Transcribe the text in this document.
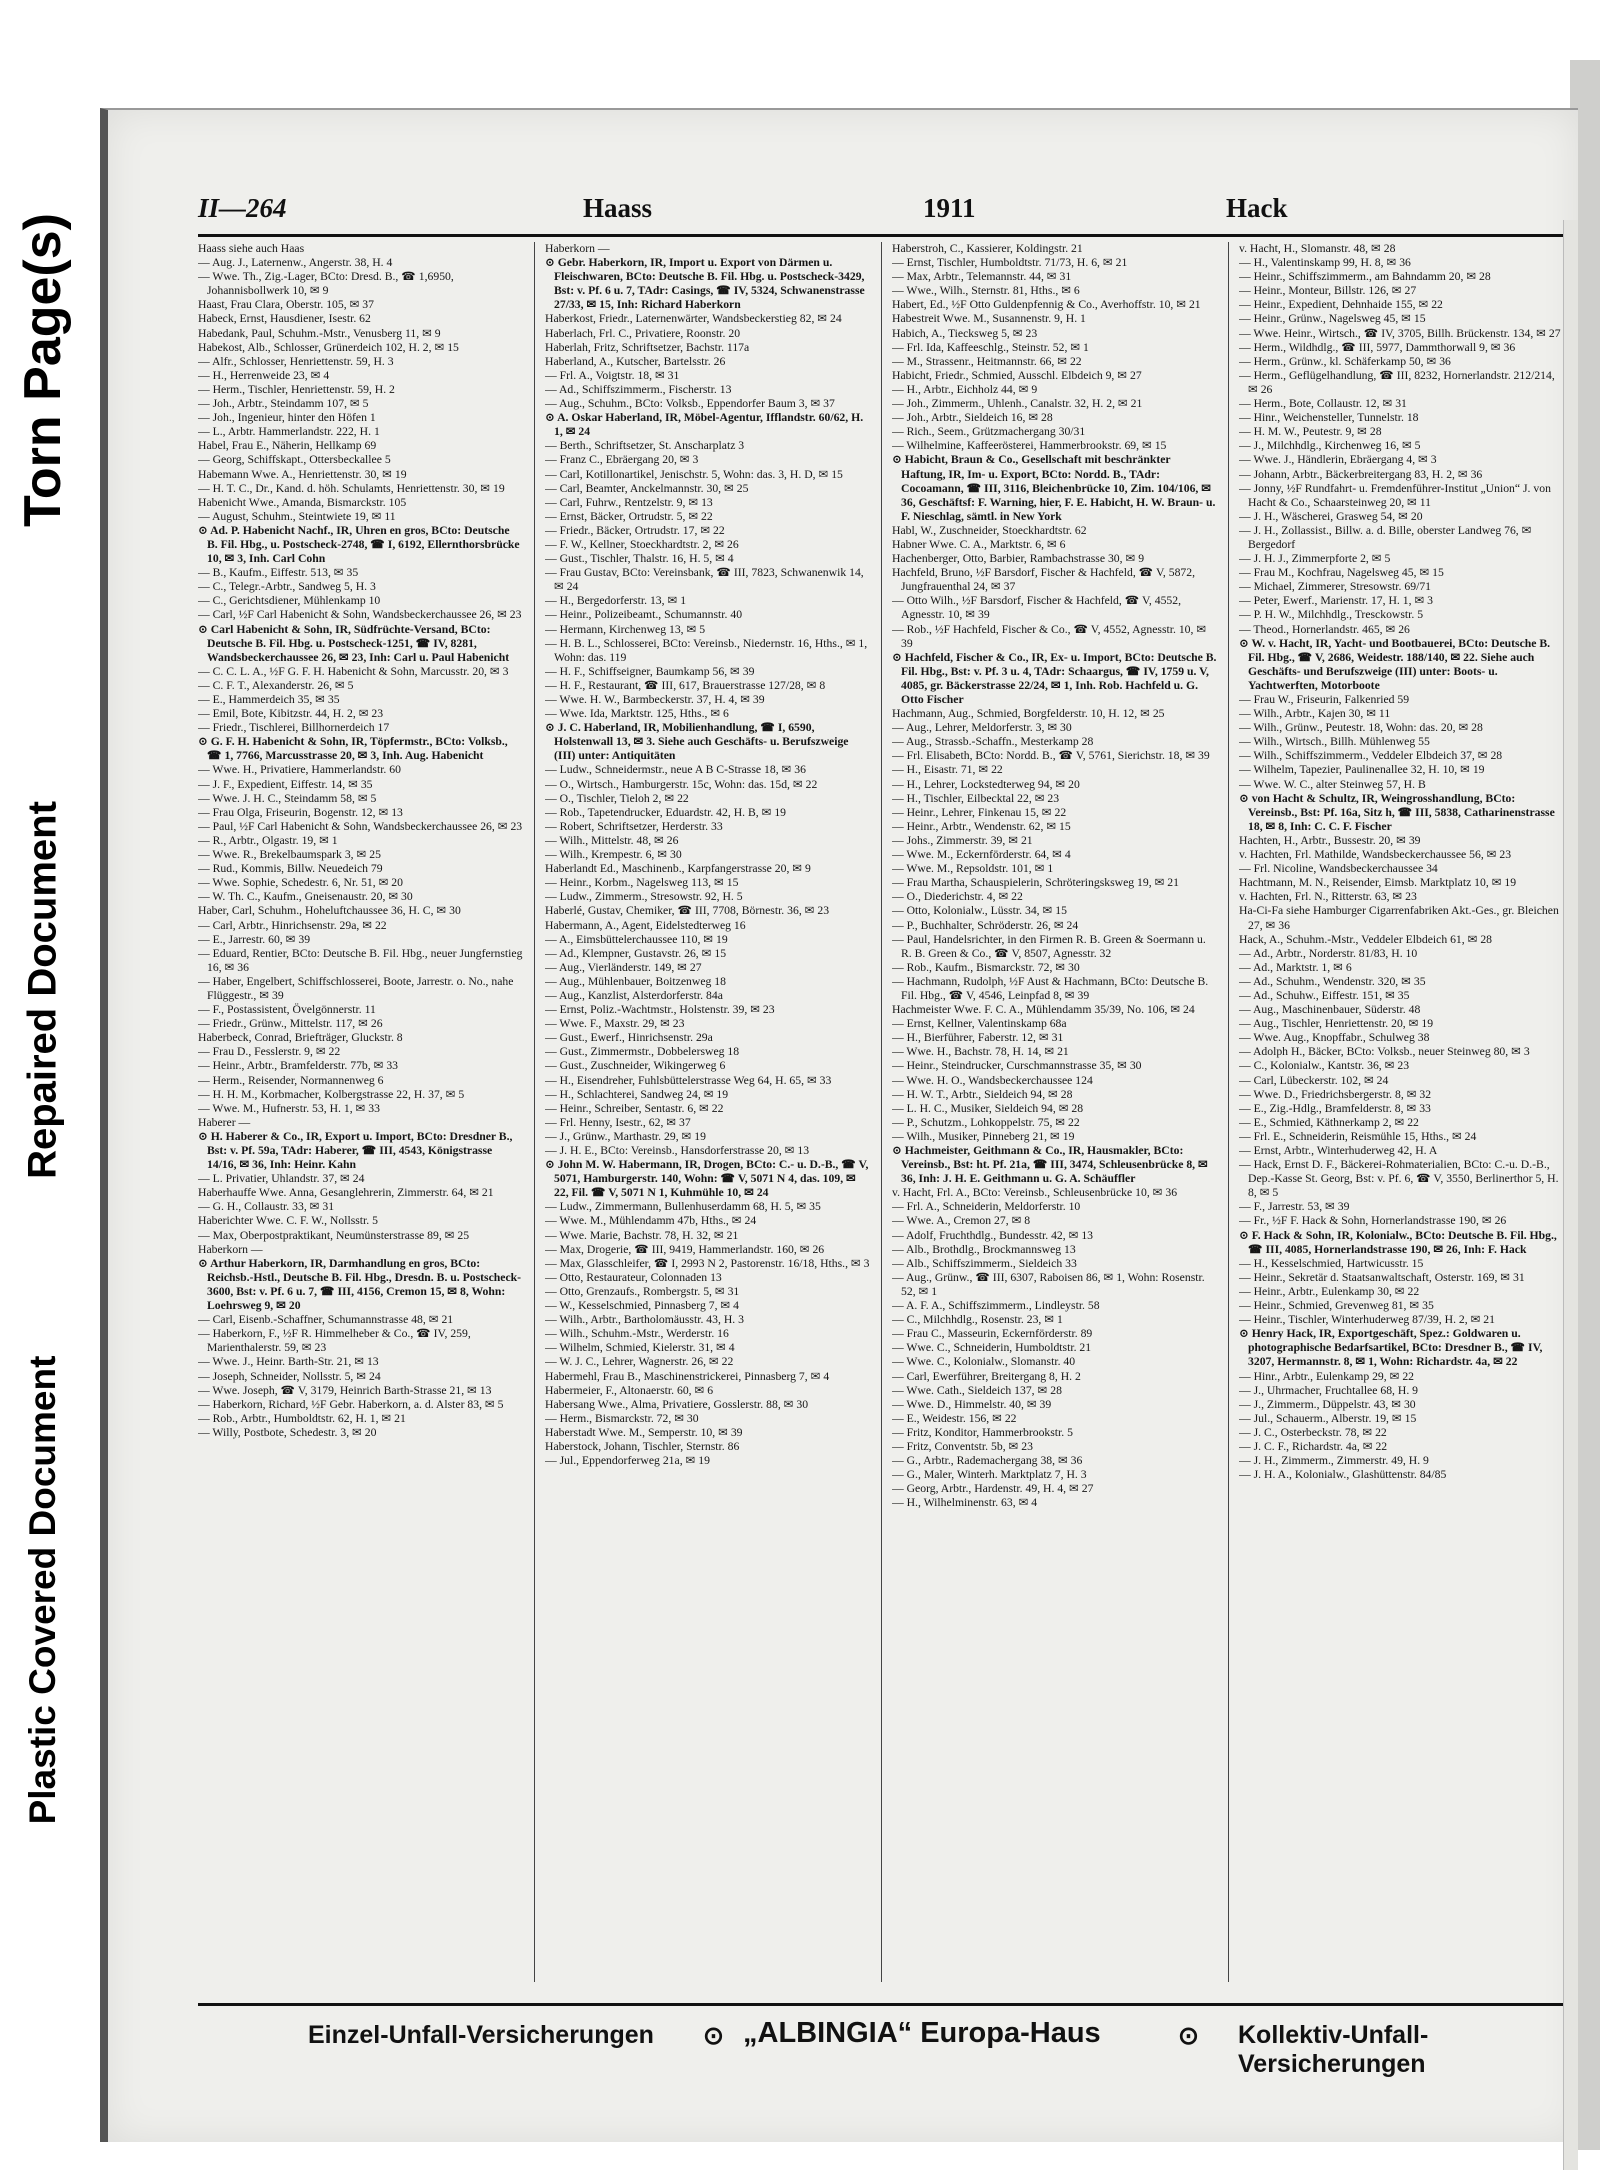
Torn Page(s)
Repaired Document
Plastic Covered Document
II—264	Haass	1911	Hack

Haass siehe auch Haas

— Aug. J., Laternenw., Angerstr. 38, H. 4

— Wwe. Th., Zig.-Lager, BCto: Dresd. B., ☎ 1,6950, Johannisbollwerk 10, ✉ 9

Haast, Frau Clara, Oberstr. 105, ✉ 37

Habeck, Ernst, Hausdiener, Isestr. 62

Habedank, Paul, Schuhm.-Mstr., Venusberg 11, ✉ 9

Habekost, Alb., Schlosser, Grünerdeich 102, H. 2, ✉ 15

— Alfr., Schlosser, Henriettenstr. 59, H. 3

— H., Herrenweide 23, ✉ 4

— Herm., Tischler, Henriettenstr. 59, H. 2

— Joh., Arbtr., Steindamm 107, ✉ 5

— Joh., Ingenieur, hinter den Höfen 1

— L., Arbtr. Hammerlandstr. 222, H. 1

Habel, Frau E., Näherin, Hellkamp 69

— Georg, Schiffskapt., Ottersbeckallee 5

Habemann Wwe. A., Henriettenstr. 30, ✉ 19

— H. T. C., Dr., Kand. d. höh. Schulamts, Henriettenstr. 30, ✉ 19

Habenicht Wwe., Amanda, Bismarckstr. 105

— August, Schuhm., Steintwiete 19, ✉ 11

⊙ Ad. P. Habenicht Nachf., IR, Uhren en gros, BCto: Deutsche B. Fil. Hbg., u. Postscheck-2748, ☎ I, 6192, Ellernthorsbrücke 10, ✉ 3, Inh. Carl Cohn

— B., Kaufm., Eiffestr. 513, ✉ 35

— C., Telegr.-Arbtr., Sandweg 5, H. 3

— C., Gerichtsdiener, Mühlenkamp 10

— Carl, ½F Carl Habenicht & Sohn, Wandsbeckerchaussee 26, ✉ 23

⊙ Carl Habenicht & Sohn, IR, Südfrüchte-Versand, BCto: Deutsche B. Fil. Hbg. u. Postscheck-1251, ☎ IV, 8281, Wandsbeckerchaussee 26, ✉ 23, Inh: Carl u. Paul Habenicht

— C. C. L. A., ½F G. F. H. Habenicht & Sohn, Marcusstr. 20, ✉ 3

— C. F. T., Alexanderstr. 26, ✉ 5

— E., Hammerdeich 35, ✉ 35

— Emil, Bote, Kibitzstr. 44, H. 2, ✉ 23

— Friedr., Tischlerei, Billhornerdeich 17

⊙ G. F. H. Habenicht & Sohn, IR, Töpfermstr., BCto: Volksb., ☎ 1, 7766, Marcusstrasse 20, ✉ 3, Inh. Aug. Habenicht

— Wwe. H., Privatiere, Hammerlandstr. 60

— J. F., Expedient, Eiffestr. 14, ✉ 35

— Wwe. J. H. C., Steindamm 58, ✉ 5

— Frau Olga, Friseurin, Bogenstr. 12, ✉ 13

— Paul, ½F Carl Habenicht & Sohn, Wandsbeckerchaussee 26, ✉ 23

— R., Arbtr., Olgastr. 19, ✉ 1

— Wwe. R., Brekelbaumspark 3, ✉ 25

— Rud., Kommis, Billw. Neuedeich 79

— Wwe. Sophie, Schedestr. 6, Nr. 51, ✉ 20

— W. Th. C., Kaufm., Gneisenaustr. 20, ✉ 30

Haber, Carl, Schuhm., Hoheluftchaussee 36, H. C, ✉ 30

— Carl, Arbtr., Hinrichsenstr. 29a, ✉ 22

— E., Jarrestr. 60, ✉ 39

— Eduard, Rentier, BCto: Deutsche B. Fil. Hbg., neuer Jungfernstieg 16, ✉ 36

— Haber, Engelbert, Schiffschlosserei, Boote, Jarrestr. o. No., nahe Flüggestr., ✉ 39

— F., Postassistent, Övelgönnerstr. 11

— Friedr., Grünw., Mittelstr. 117, ✉ 26

Haberbeck, Conrad, Briefträger, Gluckstr. 8

— Frau D., Fesslerstr. 9, ✉ 22

— Heinr., Arbtr., Bramfelderstr. 77b, ✉ 33

— Herm., Reisender, Normannenweg 6

— H. H. M., Korbmacher, Kolbergstrasse 22, H. 37, ✉ 5

— Wwe. M., Hufnerstr. 53, H. 1, ✉ 33

Haberer —

⊙ H. Haberer & Co., IR, Export u. Import, BCto: Dresdner B., Bst: v. Pf. 59a, TAdr: Haberer, ☎ III, 4543, Königstrasse 14/16, ✉ 36, Inh: Heinr. Kahn

— L. Privatier, Uhlandstr. 37, ✉ 24

Haberhauffe Wwe. Anna, Gesanglehrerin, Zimmerstr. 64, ✉ 21

— G. H., Collaustr. 33, ✉ 31

Haberichter Wwe. C. F. W., Nollsstr. 5

— Max, Oberpostpraktikant, Neumünsterstrasse 89, ✉ 25

Haberkorn —

⊙ Arthur Haberkorn, IR, Darmhandlung en gros, BCto: Reichsb.-Hstl., Deutsche B. Fil. Hbg., Dresdn. B. u. Postscheck-3600, Bst: v. Pf. 6 u. 7, ☎ III, 4156, Cremon 15, ✉ 8, Wohn: Loehrsweg 9, ✉ 20

— Carl, Eisenb.-Schaffner, Schumannstrasse 48, ✉ 21

— Haberkorn, F., ½F R. Himmelheber & Co., ☎ IV, 259, Marienthalerstr. 59, ✉ 23

— Wwe. J., Heinr. Barth-Str. 21, ✉ 13

— Joseph, Schneider, Nollsstr. 5, ✉ 24

— Wwe. Joseph, ☎ V, 3179, Heinrich Barth-Strasse 21, ✉ 13

— Haberkorn, Richard, ½F Gebr. Haberkorn, a. d. Alster 83, ✉ 5

— Rob., Arbtr., Humboldtstr. 62, H. 1, ✉ 21

— Willy, Postbote, Schedestr. 3, ✉ 20

Haberkorn —

⊙ Gebr. Haberkorn, IR, Import u. Export von Därmen u. Fleischwaren, BCto: Deutsche B. Fil. Hbg. u. Postscheck-3429, Bst: v. Pf. 6 u. 7, TAdr: Casings, ☎ IV, 5324, Schwanenstrasse 27/33, ✉ 15, Inh: Richard Haberkorn

Haberkost, Friedr., Laternenwärter, Wandsbeckerstieg 82, ✉ 24

Haberlach, Frl. C., Privatiere, Roonstr. 20

Haberlah, Fritz, Schriftsetzer, Bachstr. 117a

Haberland, A., Kutscher, Bartelsstr. 26

— Frl. A., Voigtstr. 18, ✉ 31

— Ad., Schiffszimmerm., Fischerstr. 13

— Aug., Schuhm., BCto: Volksb., Eppendorfer Baum 3, ✉ 37

⊙ A. Oskar Haberland, IR, Möbel-Agentur, Ifflandstr. 60/62, H. 1, ✉ 24

— Berth., Schriftsetzer, St. Anscharplatz 3

— Franz C., Ebräergang 20, ✉ 3

— Carl, Kotillonartikel, Jenischstr. 5, Wohn: das. 3, H. D, ✉ 15

— Carl, Beamter, Anckelmannstr. 30, ✉ 25

— Carl, Fuhrw., Rentzelstr. 9, ✉ 13

— Ernst, Bäcker, Ortrudstr. 5, ✉ 22

— Friedr., Bäcker, Ortrudstr. 17, ✉ 22

— F. W., Kellner, Stoeckhardtstr. 2, ✉ 26

— Gust., Tischler, Thalstr. 16, H. 5, ✉ 4

— Frau Gustav, BCto: Vereinsbank, ☎ III, 7823, Schwanenwik 14, ✉ 24

— H., Bergedorferstr. 13, ✉ 1

— Heinr., Polizeibeamt., Schumannstr. 40

— Hermann, Kirchenweg 13, ✉ 5

— H. B. L., Schlosserei, BCto: Vereinsb., Niedernstr. 16, Hths., ✉ 1, Wohn: das. 119

— H. F., Schiffseigner, Baumkamp 56, ✉ 39

— H. F., Restaurant, ☎ III, 617, Brauerstrasse 127/28, ✉ 8

— Wwe. H. W., Barmbeckerstr. 37, H. 4, ✉ 39

— Wwe. Ida, Marktstr. 125, Hths., ✉ 6

⊙ J. C. Haberland, IR, Mobilienhandlung, ☎ I, 6590, Holstenwall 13, ✉ 3. Siehe auch Geschäfts- u. Berufszweige (III) unter: Antiquitäten

— Ludw., Schneidermstr., neue A B C-Strasse 18, ✉ 36

— O., Wirtsch., Hamburgerstr. 15c, Wohn: das. 15d, ✉ 22

— O., Tischler, Tieloh 2, ✉ 22

— Rob., Tapetendrucker, Eduardstr. 42, H. B, ✉ 19

— Robert, Schriftsetzer, Herderstr. 33

— Wilh., Mittelstr. 48, ✉ 26

— Wilh., Krempestr. 6, ✉ 30

Haberlandt Ed., Maschinenb., Karpfangerstrasse 20, ✉ 9

— Heinr., Korbm., Nagelsweg 113, ✉ 15

— Ludw., Zimmerm., Stresowstr. 92, H. 5

Haberlé, Gustav, Chemiker, ☎ III, 7708, Börnestr. 36, ✉ 23

Habermann, A., Agent, Eidelstedterweg 16

— A., Eimsbüttelerchaussee 110, ✉ 19

— Ad., Klempner, Gustavstr. 26, ✉ 15

— Aug., Vierländerstr. 149, ✉ 27

— Aug., Mühlenbauer, Boitzenweg 18

— Aug., Kanzlist, Alsterdorferstr. 84a

— Ernst, Poliz.-Wachtmstr., Holstenstr. 39, ✉ 23

— Wwe. F., Maxstr. 29, ✉ 23

— Gust., Ewerf., Hinrichsenstr. 29a

— Gust., Zimmermstr., Dobbelersweg 18

— Gust., Zuschneider, Wikingerweg 6

— H., Eisendreher, Fuhlsbüttelerstrasse Weg 64, H. 65, ✉ 33

— H., Schlachterei, Sandweg 24, ✉ 19

— Heinr., Schreiber, Sentastr. 6, ✉ 22

— Frl. Henny, Isestr., 62, ✉ 37

— J., Grünw., Marthastr. 29, ✉ 19

— J. H. E., BCto: Vereinsb., Hansdorferstrasse 20, ✉ 13

⊙ John M. W. Habermann, IR, Drogen, BCto: C.- u. D.-B., ☎ V, 5071, Hamburgerstr. 140, Wohn: ☎ V, 5071 N 4, das. 109, ✉ 22, Fil. ☎ V, 5071 N 1, Kuhmühle 10, ✉ 24

— Ludw., Zimmermann, Bullenhuserdamm 68, H. 5, ✉ 35

— Wwe. M., Mühlendamm 47b, Hths., ✉ 24

— Wwe. Marie, Bachstr. 78, H. 32, ✉ 21

— Max, Drogerie, ☎ III, 9419, Hammerlandstr. 160, ✉ 26

— Max, Glasschleifer, ☎ I, 2993 N 2, Pastorenstr. 16/18, Hths., ✉ 3

— Otto, Restaurateur, Colonnaden 13

— Otto, Grenzaufs., Rombergstr. 5, ✉ 31

— W., Kesselschmied, Pinnasberg 7, ✉ 4

— Wilh., Arbtr., Bartholomäusstr. 43, H. 3

— Wilh., Schuhm.-Mstr., Werderstr. 16

— Wilhelm, Schmied, Kielerstr. 31, ✉ 4

— W. J. C., Lehrer, Wagnerstr. 26, ✉ 22

Habermehl, Frau B., Maschinenstrickerei, Pinnasberg 7, ✉ 4

Habermeier, F., Altonaerstr. 60, ✉ 6

Habersang Wwe., Alma, Privatiere, Gosslerstr. 88, ✉ 30

— Herm., Bismarckstr. 72, ✉ 30

Haberstadt Wwe. M., Semperstr. 10, ✉ 39

Haberstock, Johann, Tischler, Sternstr. 86

— Jul., Eppendorferweg 21a, ✉ 19

Haberstroh, C., Kassierer, Koldingstr. 21

— Ernst, Tischler, Humboldtstr. 71/73, H. 6, ✉ 21

— Max, Arbtr., Telemannstr. 44, ✉ 31

— Wwe., Wilh., Sternstr. 81, Hths., ✉ 6

Habert, Ed., ½F Otto Guldenpfennig & Co., Averhoffstr. 10, ✉ 21

Habestreit Wwe. M., Susannenstr. 9, H. 1

Habich, A., Tiecksweg 5, ✉ 23

— Frl. Ida, Kaffeeschlg., Steinstr. 52, ✉ 1

— M., Strassenr., Heitmannstr. 66, ✉ 22

Habicht, Friedr., Schmied, Ausschl. Elbdeich 9, ✉ 27

— H., Arbtr., Eichholz 44, ✉ 9

— Joh., Zimmerm., Uhlenh., Canalstr. 32, H. 2, ✉ 21

— Joh., Arbtr., Sieldeich 16, ✉ 28

— Rich., Seem., Grützmachergang 30/31

— Wilhelmine, Kaffeerösterei, Hammerbrookstr. 69, ✉ 15

⊙ Habicht, Braun & Co., Gesellschaft mit beschränkter Haftung, IR, Im- u. Export, BCto: Nordd. B., TAdr: Cocoamann, ☎ III, 3116, Bleichenbrücke 10, Zim. 104/106, ✉ 36, Geschäftsf: F. Warning, hier, F. E. Habicht, H. W. Braun- u. F. Nieschlag, sämtl. in New York

Habl, W., Zuschneider, Stoeckhardtstr. 62

Habner Wwe. C. A., Marktstr. 6, ✉ 6

Hachenberger, Otto, Barbier, Rambachstrasse 30, ✉ 9

Hachfeld, Bruno, ½F Barsdorf, Fischer & Hachfeld, ☎ V, 5872, Jungfrauenthal 24, ✉ 37

— Otto Wilh., ½F Barsdorf, Fischer & Hachfeld, ☎ V, 4552, Agnesstr. 10, ✉ 39

— Rob., ½F Hachfeld, Fischer & Co., ☎ V, 4552, Agnesstr. 10, ✉ 39

⊙ Hachfeld, Fischer & Co., IR, Ex- u. Import, BCto: Deutsche B. Fil. Hbg., Bst: v. Pf. 3 u. 4, TAdr: Schaargus, ☎ IV, 1759 u. V, 4085, gr. Bäckerstrasse 22/24, ✉ 1, Inh. Rob. Hachfeld u. G. Otto Fischer

Hachmann, Aug., Schmied, Borgfelderstr. 10, H. 12, ✉ 25

— Aug., Lehrer, Meldorferstr. 3, ✉ 30

— Aug., Strassb.-Schaffn., Mesterkamp 28

— Frl. Elisabeth, BCto: Nordd. B., ☎ V, 5761, Sierichstr. 18, ✉ 39

— H., Eisastr. 71, ✉ 22

— H., Lehrer, Lockstedterweg 94, ✉ 20

— H., Tischler, Eilbecktal 22, ✉ 23

— Heinr., Lehrer, Finkenau 15, ✉ 22

— Heinr., Arbtr., Wendenstr. 62, ✉ 15

— Johs., Zimmerstr. 39, ✉ 21

— Wwe. M., Eckernförderstr. 64, ✉ 4

— Wwe. M., Repsoldstr. 101, ✉ 1

— Frau Martha, Schauspielerin, Schröteringsksweg 19, ✉ 21

— O., Diederichstr. 4, ✉ 22

— Otto, Kolonialw., Lüsstr. 34, ✉ 15

— P., Buchhalter, Schröderstr. 26, ✉ 24

— Paul, Handelsrichter, in den Firmen R. B. Green & Soermann u. R. B. Green & Co., ☎ V, 8507, Agnesstr. 32

— Rob., Kaufm., Bismarckstr. 72, ✉ 30

— Hachmann, Rudolph, ½F Aust & Hachmann, BCto: Deutsche B. Fil. Hbg., ☎ V, 4546, Leinpfad 8, ✉ 39

Hachmeister Wwe. F. C. A., Mühlendamm 35/39, No. 106, ✉ 24

— Ernst, Kellner, Valentinskamp 68a

— H., Bierführer, Faberstr. 12, ✉ 31

— Wwe. H., Bachstr. 78, H. 14, ✉ 21

— Heinr., Steindrucker, Curschmannstrasse 35, ✉ 30

— Wwe. H. O., Wandsbeckerchaussee 124

— H. W. T., Arbtr., Sieldeich 94, ✉ 28

— L. H. C., Musiker, Sieldeich 94, ✉ 28

— P., Schutzm., Lohkoppelstr. 75, ✉ 22

— Wilh., Musiker, Pinneberg 21, ✉ 19

⊙ Hachmeister, Geithmann & Co., IR, Hausmakler, BCto: Vereinsb., Bst: ht. Pf. 21a, ☎ III, 3474, Schleusenbrücke 8, ✉ 36, Inh: J. H. E. Geithmann u. G. A. Schäuffler

v. Hacht, Frl. A., BCto: Vereinsb., Schleusenbrücke 10, ✉ 36

— Frl. A., Schneiderin, Meldorferstr. 10

— Wwe. A., Cremon 27, ✉ 8

— Adolf, Fruchthdlg., Bundesstr. 42, ✉ 13

— Alb., Brothdlg., Brockmannsweg 13

— Alb., Schiffszimmerm., Sieldeich 33

— Aug., Grünw., ☎ III, 6307, Raboisen 86, ✉ 1, Wohn: Rosenstr. 52, ✉ 1

— A. F. A., Schiffszimmerm., Lindleystr. 58

— C., Milchhdlg., Rosenstr. 23, ✉ 1

— Frau C., Masseurin, Eckernförderstr. 89

— Wwe. C., Schneiderin, Humboldtstr. 21

— Wwe. C., Kolonialw., Slomanstr. 40

— Carl, Ewerführer, Breitergang 8, H. 2

— Wwe. Cath., Sieldeich 137, ✉ 28

— Wwe. D., Himmelstr. 40, ✉ 39

— E., Weidestr. 156, ✉ 22

— Fritz, Konditor, Hammerbrookstr. 5

— Fritz, Conventstr. 5b, ✉ 23

— G., Arbtr., Rademachergang 38, ✉ 36

— G., Maler, Winterh. Marktplatz 7, H. 3

— Georg, Arbtr., Hardenstr. 49, H. 4, ✉ 27

— H., Wilhelminenstr. 63, ✉ 4

v. Hacht, H., Slomanstr. 48, ✉ 28

— H., Valentinskamp 99, H. 8, ✉ 36

— Heinr., Schiffszimmerm., am Bahndamm 20, ✉ 28

— Heinr., Monteur, Billstr. 126, ✉ 27

— Heinr., Expedient, Dehnhaide 155, ✉ 22

— Heinr., Grünw., Nagelsweg 45, ✉ 15

— Wwe. Heinr., Wirtsch., ☎ IV, 3705, Billh. Brückenstr. 134, ✉ 27

— Herm., Wildhdlg., ☎ III, 5977, Dammthorwall 9, ✉ 36

— Herm., Grünw., kl. Schäferkamp 50, ✉ 36

— Herm., Geflügelhandlung, ☎ III, 8232, Hornerlandstr. 212/214, ✉ 26

— Herm., Bote, Collaustr. 12, ✉ 31

— Hinr., Weichensteller, Tunnelstr. 18

— H. M. W., Peutestr. 9, ✉ 28

— J., Milchhdlg., Kirchenweg 16, ✉ 5

— Wwe. J., Händlerin, Ebräergang 4, ✉ 3

— Johann, Arbtr., Bäckerbreitergang 83, H. 2, ✉ 36

— Jonny, ½F Rundfahrt- u. Fremdenführer-Institut „Union“ J. von Hacht & Co., Schaarsteinweg 20, ✉ 11

— J. H., Wäscherei, Grasweg 54, ✉ 20

— J. H., Zollassist., Billw. a. d. Bille, oberster Landweg 76, ✉ Bergedorf

— J. H. J., Zimmerpforte 2, ✉ 5

— Frau M., Kochfrau, Nagelsweg 45, ✉ 15

— Michael, Zimmerer, Stresowstr. 69/71

— Peter, Ewerf., Marienstr. 17, H. 1, ✉ 3

— P. H. W., Milchhdlg., Tresckowstr. 5

— Theod., Hornerlandstr. 465, ✉ 26

⊙ W. v. Hacht, IR, Yacht- und Bootbauerei, BCto: Deutsche B. Fil. Hbg., ☎ V, 2686, Weidestr. 188/140, ✉ 22. Siehe auch Geschäfts- und Berufszweige (III) unter: Boots- u. Yachtwerften, Motorboote

— Frau W., Friseurin, Falkenried 59

— Wilh., Arbtr., Kajen 30, ✉ 11

— Wilh., Grünw., Peutestr. 18, Wohn: das. 20, ✉ 28

— Wilh., Wirtsch., Billh. Mühlenweg 55

— Wilh., Schiffszimmerm., Veddeler Elbdeich 37, ✉ 28

— Wilhelm, Tapezier, Paulinenallee 32, H. 10, ✉ 19

— Wwe. W. C., alter Steinweg 57, H. B

⊙ von Hacht & Schultz, IR, Weingrosshandlung, BCto: Vereinsb., Bst: Pf. 16a, Sitz h, ☎ III, 5838, Catharinenstrasse 18, ✉ 8, Inh: C. C. F. Fischer

Hachten, H., Arbtr., Bussestr. 20, ✉ 39

v. Hachten, Frl. Mathilde, Wandsbeckerchaussee 56, ✉ 23

— Frl. Nicoline, Wandsbeckerchaussee 34

Hachtmann, M. N., Reisender, Eimsb. Marktplatz 10, ✉ 19

v. Hachten, Frl. N., Ritterstr. 63, ✉ 23

Ha-Ci-Fa siehe Hamburger Cigarrenfabriken Akt.-Ges., gr. Bleichen 27, ✉ 36

Hack, A., Schuhm.-Mstr., Veddeler Elbdeich 61, ✉ 28

— Ad., Arbtr., Norderstr. 81/83, H. 10

— Ad., Marktstr. 1, ✉ 6

— Ad., Schuhm., Wendenstr. 320, ✉ 35

— Ad., Schuhw., Eiffestr. 151, ✉ 35

— Aug., Maschinenbauer, Süderstr. 48

— Aug., Tischler, Henriettenstr. 20, ✉ 19

— Wwe. Aug., Knopffabr., Schulweg 38

— Adolph H., Bäcker, BCto: Volksb., neuer Steinweg 80, ✉ 3

— C., Kolonialw., Kantstr. 36, ✉ 23

— Carl, Lübeckerstr. 102, ✉ 24

— Wwe. D., Friedrichsbergerstr. 8, ✉ 32

— E., Zig.-Hdlg., Bramfelderstr. 8, ✉ 33

— E., Schmied, Käthnerkamp 2, ✉ 22

— Frl. E., Schneiderin, Reismühle 15, Hths., ✉ 24

— Ernst, Arbtr., Winterhuderweg 42, H. A

— Hack, Ernst D. F., Bäckerei-Rohmaterialien, BCto: C.-u. D.-B., Dep.-Kasse St. Georg, Bst: v. Pf. 6, ☎ V, 3550, Berlinerthor 5, H. 8, ✉ 5

— F., Jarrestr. 53, ✉ 39

— Fr., ½F F. Hack & Sohn, Hornerlandstrasse 190, ✉ 26

⊙ F. Hack & Sohn, IR, Kolonialw., BCto: Deutsche B. Fil. Hbg., ☎ III, 4085, Hornerlandstrasse 190, ✉ 26, Inh: F. Hack

— H., Kesselschmied, Hartwicusstr. 15

— Heinr., Sekretär d. Staatsanwaltschaft, Osterstr. 169, ✉ 31

— Heinr., Arbtr., Eulenkamp 30, ✉ 22

— Heinr., Schmied, Grevenweg 81, ✉ 35

— Heinr., Tischler, Winterhuderweg 87/39, H. 2, ✉ 21

⊙ Henry Hack, IR, Exportgeschäft, Spez.: Goldwaren u. photographische Bedarfsartikel, BCto: Dresdner B., ☎ IV, 3207, Hermannstr. 8, ✉ 1, Wohn: Richardstr. 4a, ✉ 22

— Hinr., Arbtr., Eulenkamp 29, ✉ 22

— J., Uhrmacher, Fruchtallee 68, H. 9

— J., Zimmerm., Düppelstr. 43, ✉ 30

— Jul., Schauerm., Alberstr. 19, ✉ 15

— J. C., Osterbeckstr. 78, ✉ 22

— J. C. F., Richardstr. 4a, ✉ 22

— J. H., Zimmerm., Zimmerstr. 49, H. 9

— J. H. A., Kolonialw., Glashüttenstr. 84/85

Einzel-Unfall-Versicherungen ⊙ „ALBINGIA“ Europa-Haus	⊙ Kollektiv-Unfall-Versicherungen
